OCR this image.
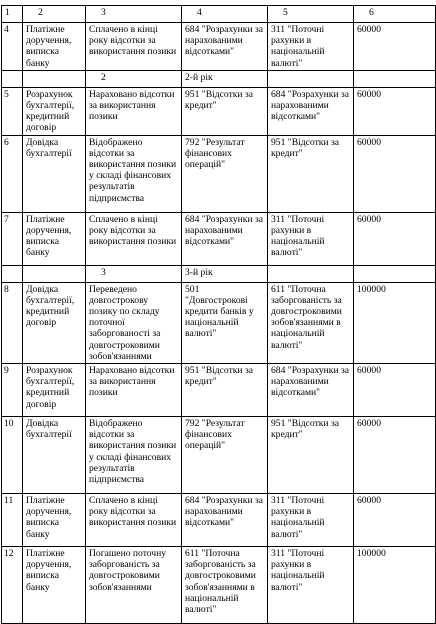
1	2	3	4	5	6
4	Платіжне доручення, виписка банку	Сплачено в кінці року відсотки за використання позики	684 "Розрахунки за нарахованими відсотками"	311 "Поточні рахунки в національній валюті"	60000
		2	2-й рік		
5	Розрахунок бухгалтерії, кредитний договір	Нараховано відсотки за використання позики	951 "Відсотки за кредит"	684 "Розрахунки за нарахованими відсотками"	60000
6	Довідка бухгалтерії	Відображено відсотки за використання позики у складі фінансових результатів підприємства	792 "Результат фінансових операцій"	951 "Відсотки за кредит"	60000
7	Платіжне доручення, виписка банку	Сплачено в кінці року відсотки за використання позики	684 "Розрахунки за нарахованими відсотками"	311 "Поточні рахунки в національній валюті"	60000
		3	3-й рік		
8	Довідка бухгалтерії, кредитний договір	Переведено довгострокову позику по складу поточної заборгованості за довгостроковими зобов'язаннями	501 "Довгострокові кредити банків у національній валюті"	611 "Поточна заборгованість за довгостроковими зобов'язаннями в національній валюті"	100000
9	Розрахунок бухгалтерії, кредитний договір	Нараховано відсотки за використання позики	951 "Відсотки за кредит"	684 "Розрахунки за нарахованими відсотками"	60000
10	Довідка бухгалтерії	Відображено відсотки за використання позики у складі фінансових результатів підприємства	792 "Результат фінансових операцій"	951 "Відсотки за кредит"	60000
11	Платіжне доручення, виписка банку	Сплачено в кінці року відсотки за використання позики	684 "Розрахунки за нарахованими відсотками"	311 "Поточні рахунки в національній валюті"	60000
12	Платіжне доручення, виписка банку	Погашено поточну заборгованість за довгостроковими зобов'язаннями	611 "Поточна заборгованість за довгостроковими зобов'язаннями в національній валюті"	311 "Поточні рахунки в національній валюті"	100000
